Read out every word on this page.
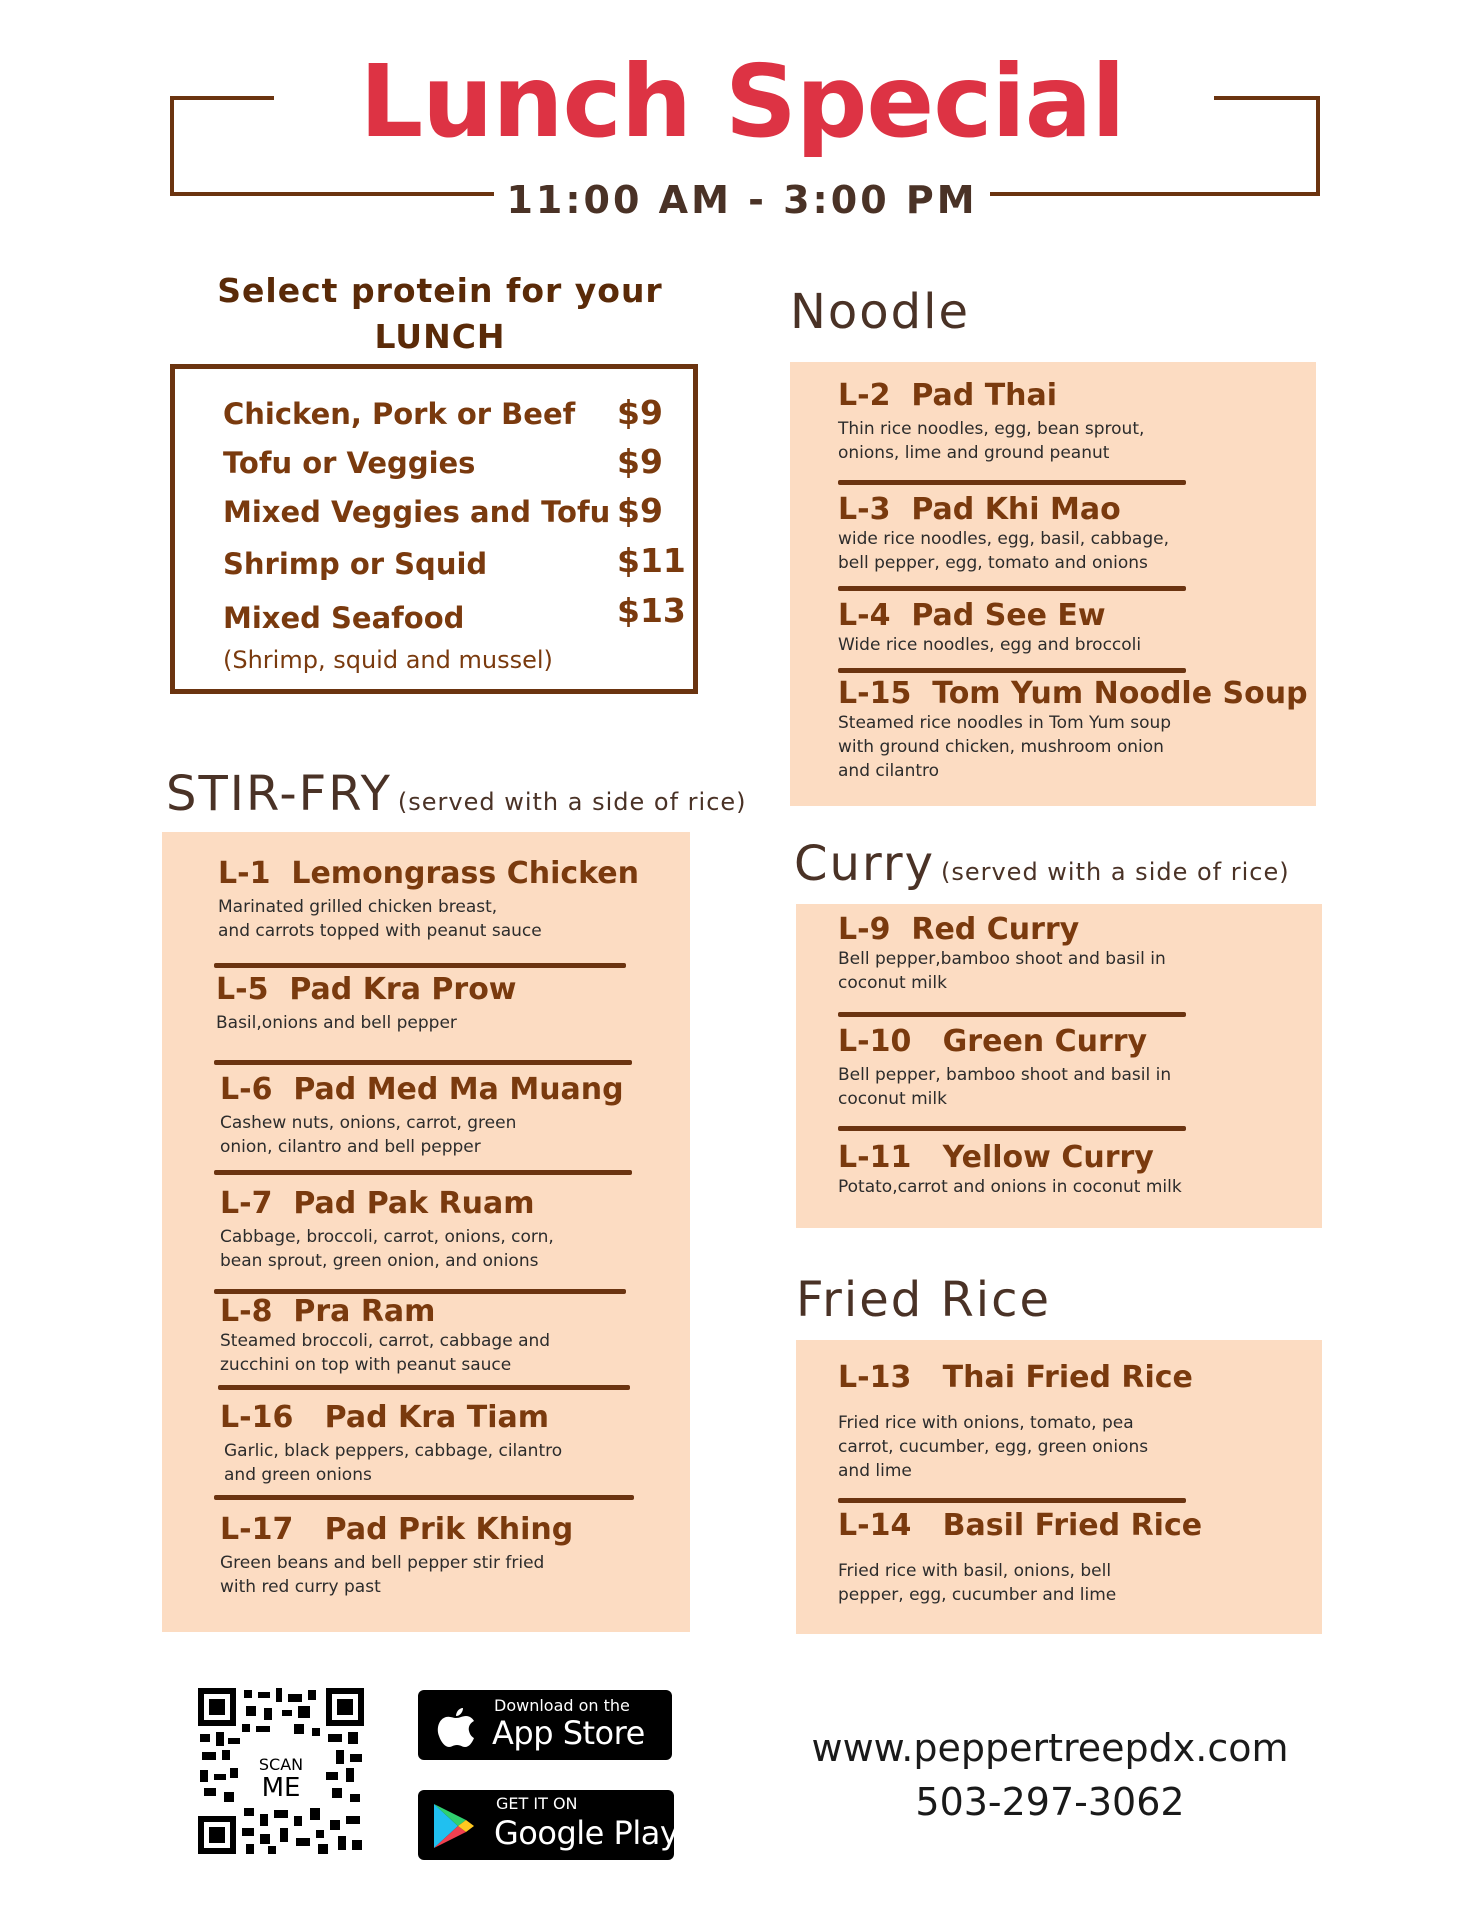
Lunch Special
11:00 AM - 3:00 PM
Select protein for your
LUNCH
Chicken, Pork or Beef $9
Tofu or Veggies	$9
Mixed Veggies and Tofu $9
Shrimp or Squid	$11
Mixed Seafood	$13
(Shrimp, squid and mussel)
STIR-FRY (served with a side of rice)
L-1 Lemongrass Chicken
Marinated grilled chicken breast,
and carrots topped with peanut sauce
L-5 Pad Kra Prow
Basil,onions and bell pepper
L-6 Pad Med Ma Muang
Cashew nuts, onions, carrot, green
onion, cilantro and bell pepper
L-7 Pad Pak Ruam
Cabbage, broccoli, carrot, onions, corn,
bean sprout, green onion, and onions
L-8 Pra Ram
Steamed broccoli, carrot, cabbage and
zucchini on top with peanut sauce
L-16 Pad Kra Tiam
Garlic, black peppers, cabbage, cilantro
and green onions
L-17 Pad Prik Khing
Green beans and bell pepper stir fried
with red curry past
Noodle
L-2 Pad Thai
Thin rice noodles, egg, bean sprout,
onions, lime and ground peanut
L-3 Pad Khi Mao
wide rice noodles, egg, basil, cabbage,
bell pepper, egg, tomato and onions
L-4 Pad See Ew
Wide rice noodles, egg and broccoli
L-15 Tom Yum Noodle Soup
Steamed rice noodles in Tom Yum soup
with ground chicken, mushroom onion
and cilantro
Curry (served with a side of rice)
L-9 Red Curry
Bell pepper,bamboo shoot and basil in
coconut milk
L-10 Green Curry
Bell pepper, bamboo shoot and basil in
coconut milk
L-11 Yellow Curry
Potato,carrot and onions in coconut milk
Fried Rice
L-13 Thai Fried Rice
Fried rice with onions, tomato, pea
carrot, cucumber, egg, green onions
and lime
L-14 Basil Fried Rice
Fried rice with basil, onions, bell
pepper, egg, cucumber and lime
SCAN
ME
Download on the
App Store
GET IT ON
Google Play
www.peppertreepdx.com
503-297-3062
